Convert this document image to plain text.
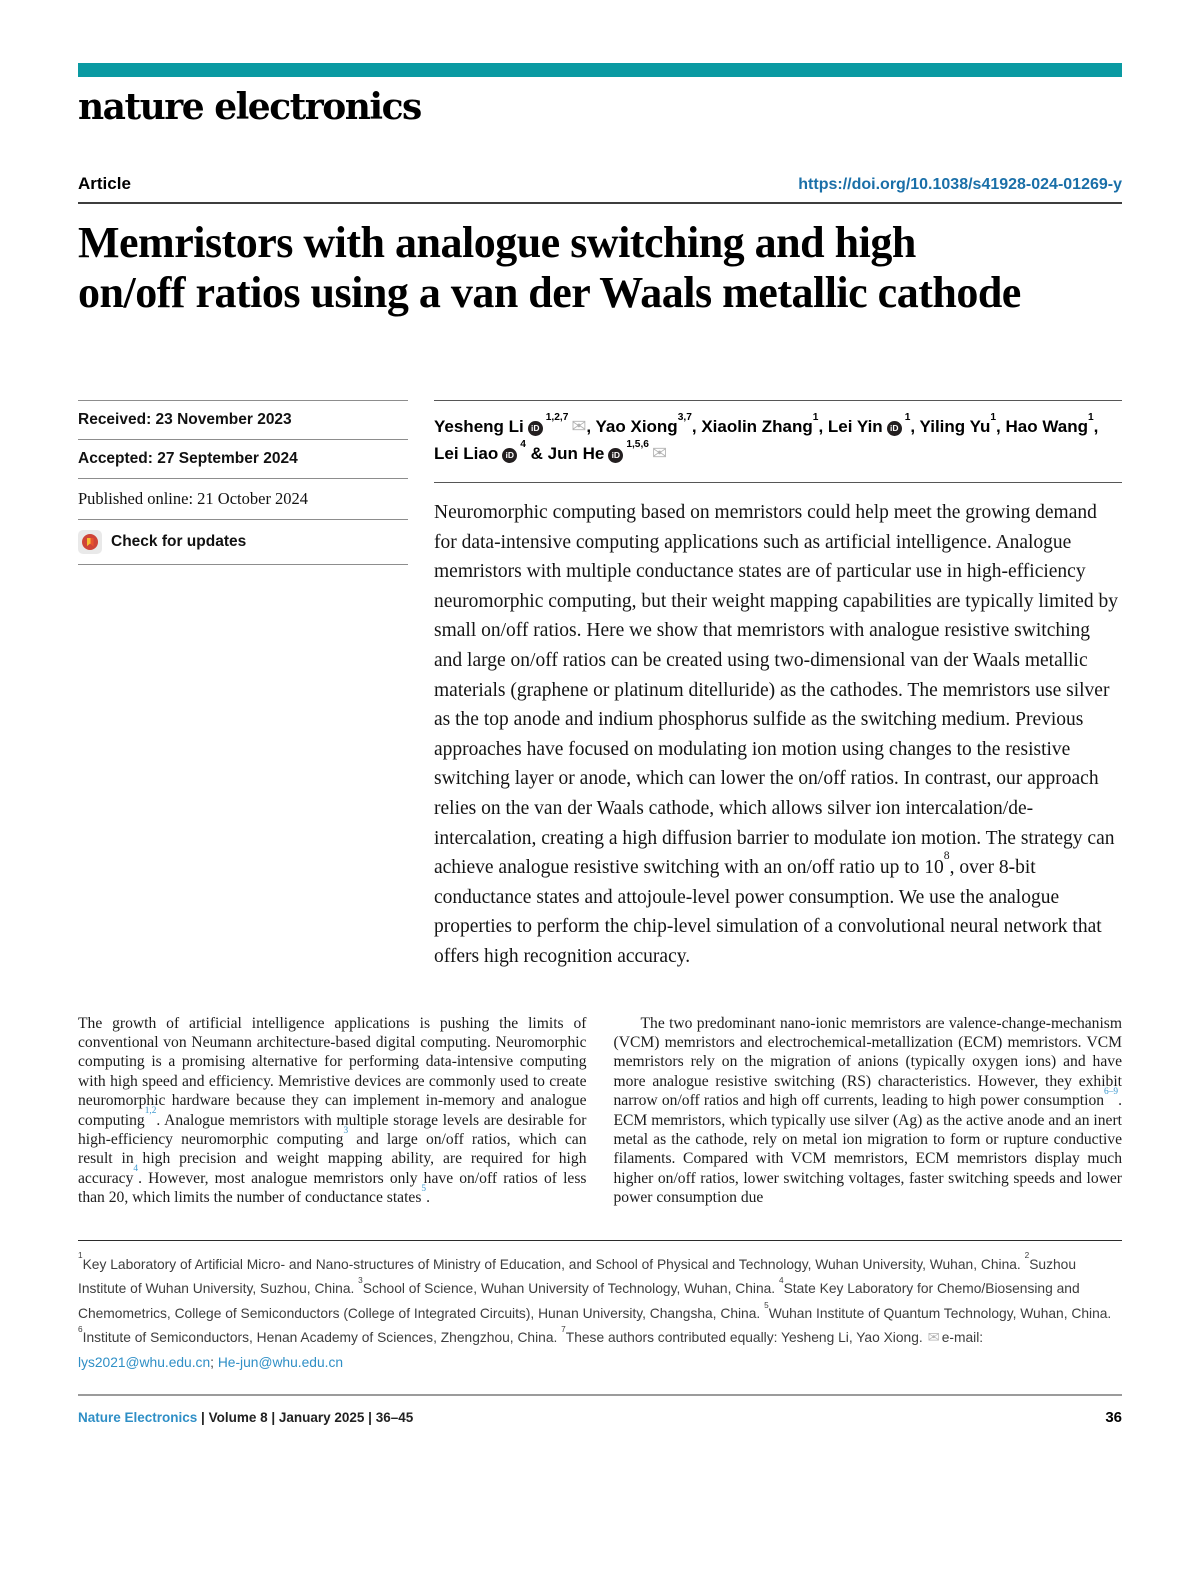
nature electronics
Article	https://doi.org/10.1038/s41928-024-01269-y
Memristors with analogue switching and high on/off ratios using a van der Waals metallic cathode
Received: 23 November 2023
Accepted: 27 September 2024
Published online: 21 October 2024
Check for updates
Yesheng Li iD$^{1,2,7}$ ✉, Yao Xiong$^{3,7}$, Xiaolin Zhang$^1$, Lei Yin $iD^1$, Yiling Yu$^1$, Hao Wang$^1$, Lei Liao $iD^4$ & Jun He iD$^{1,5,6}$ ✉
Neuromorphic computing based on memristors could help meet the growing demand for data-intensive computing applications such as artificial intelligence. Analogue memristors with multiple conductance states are of particular use in high-efficiency neuromorphic computing, but their weight mapping capabilities are typically limited by small on/off ratios. Here we show that memristors with analogue resistive switching and large on/off ratios can be created using two-dimensional van der Waals metallic materials (graphene or platinum ditelluride) as the cathodes. The memristors use silver as the top anode and indium phosphorus sulfide as the switching medium. Previous approaches have focused on modulating ion motion using changes to the resistive switching layer or anode, which can lower the on/off ratios. In contrast, our approach relies on the van der Waals cathode, which allows silver ion intercalation/de-intercalation, creating a high diffusion barrier to modulate ion motion. The strategy can achieve analogue resistive switching with an on/off ratio up to $10^8$, over 8-bit conductance states and attojoule-level power consumption. We use the analogue properties to perform the chip-level simulation of a convolutional neural network that offers high recognition accuracy.

The growth of artificial intelligence applications is pushing the limits of conventional von Neumann architecture-based digital computing. Neuromorphic computing is a promising alternative for performing data-intensive computing with high speed and efficiency. Memristive devices are commonly used to create neuromorphic hardware because they can implement in-memory and analogue computing$^{1,2}$. Analogue memristors with multiple storage levels are desirable for high-efficiency neuromorphic computing$^3$ and large on/off ratios, which can result in high precision and weight mapping ability, are required for high accuracy$^4$. However, most analogue memristors only have on/off ratios of less than 20, which limits the number of conductance states$^5$.

The two predominant nano-ionic memristors are valence-change-mechanism (VCM) memristors and electrochemical-metallization (ECM) memristors. VCM memristors rely on the migration of anions (typically oxygen ions) and have more analogue resistive switching (RS) characteristics. However, they exhibit narrow on/off ratios and high off currents, leading to high power consumption$^{6-9}$. ECM memristors, which typically use silver (Ag) as the active anode and an inert metal as the cathode, rely on metal ion migration to form or rupture conductive filaments. Compared with VCM memristors, ECM memristors display much higher on/off ratios, lower switching voltages, faster switching speeds and lower power consumption due

$^1$Key Laboratory of Artificial Micro- and Nano-structures of Ministry of Education, and School of Physical and Technology, Wuhan University, Wuhan, China. $^2$Suzhou Institute of Wuhan University, Suzhou, China. $^3$School of Science, Wuhan University of Technology, Wuhan, China. $^4$State Key Laboratory for Chemo/Biosensing and Chemometrics, College of Semiconductors (College of Integrated Circuits), Hunan University, Changsha, China. $^5$Wuhan Institute of Quantum Technology, Wuhan, China. $^6$Institute of Semiconductors, Henan Academy of Sciences, Zhengzhou, China. $^7$These authors contributed equally: Yesheng Li, Yao Xiong. ✉ e-mail: lys2021@whu.edu.cn; He-jun@whu.edu.cn
Nature Electronics | Volume 8 | January 2025 | 36–45	36
